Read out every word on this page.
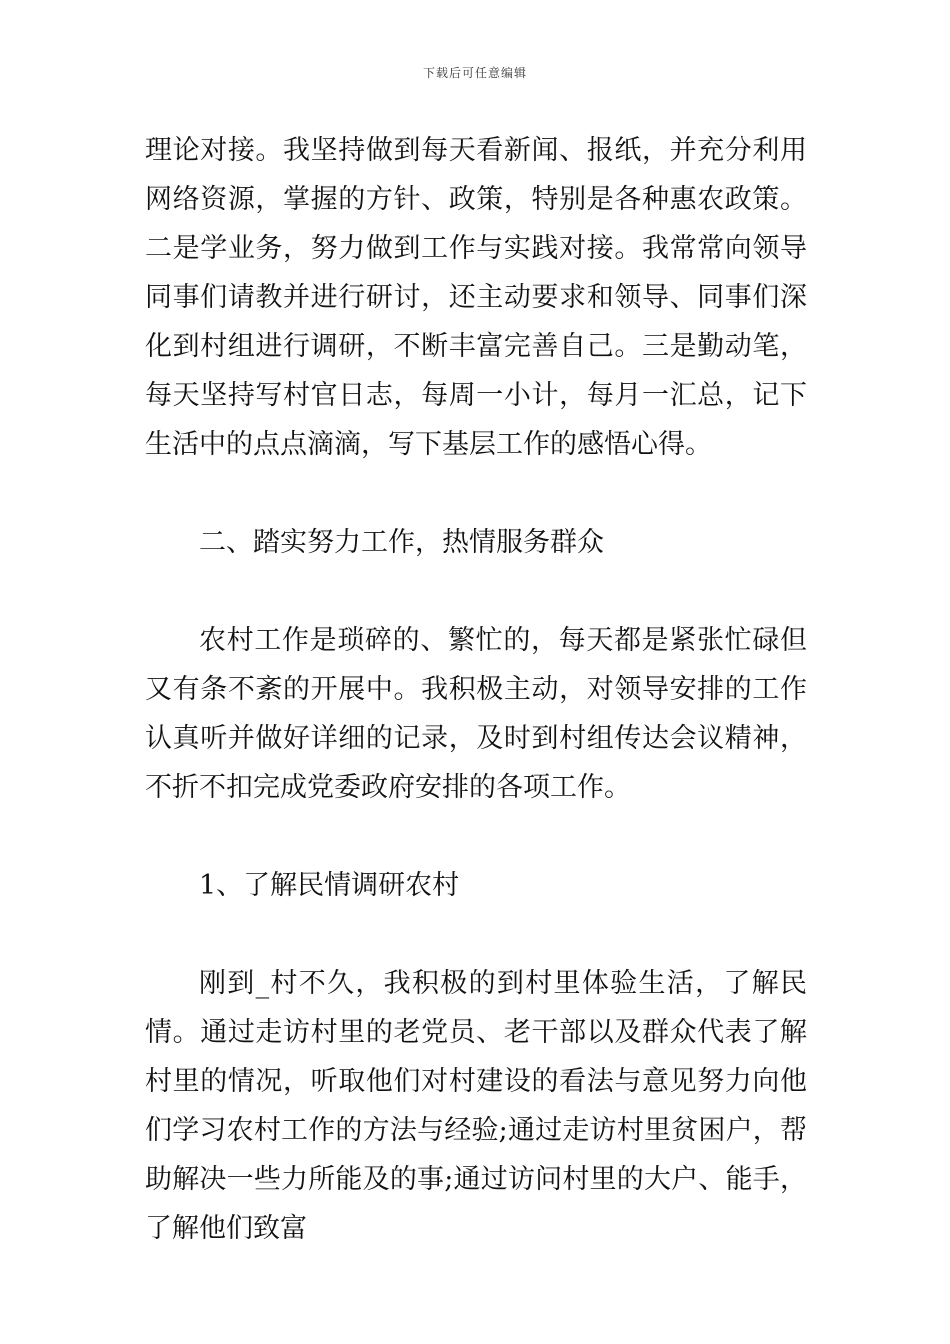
下载后可任意编辑

理论对接。我坚持做到每天看新闻、报纸，并充分利用网络资源，掌握的方针、政策，特别是各种惠农政策。二是学业务，努力做到工作与实践对接。我常常向领导同事们请教并进行研讨，还主动要求和领导、同事们深化到村组进行调研，不断丰富完善自己。三是勤动笔，每天坚持写村官日志，每周一小计，每月一汇总，记下生活中的点点滴滴，写下基层工作的感悟心得。

二、踏实努力工作，热情服务群众

农村工作是琐碎的、繁忙的，每天都是紧张忙碌但又有条不紊的开展中。我积极主动，对领导安排的工作认真听并做好详细的记录，及时到村组传达会议精神，不折不扣完成党委政府安排的各项工作。

1、了解民情调研农村

刚到_村不久，我积极的到村里体验生活，了解民情。通过走访村里的老党员、老干部以及群众代表了解村里的情况，听取他们对村建设的看法与意见努力向他们学习农村工作的方法与经验;通过走访村里贫困户，帮助解决一些力所能及的事;通过访问村里的大户、能手，了解他们致富
